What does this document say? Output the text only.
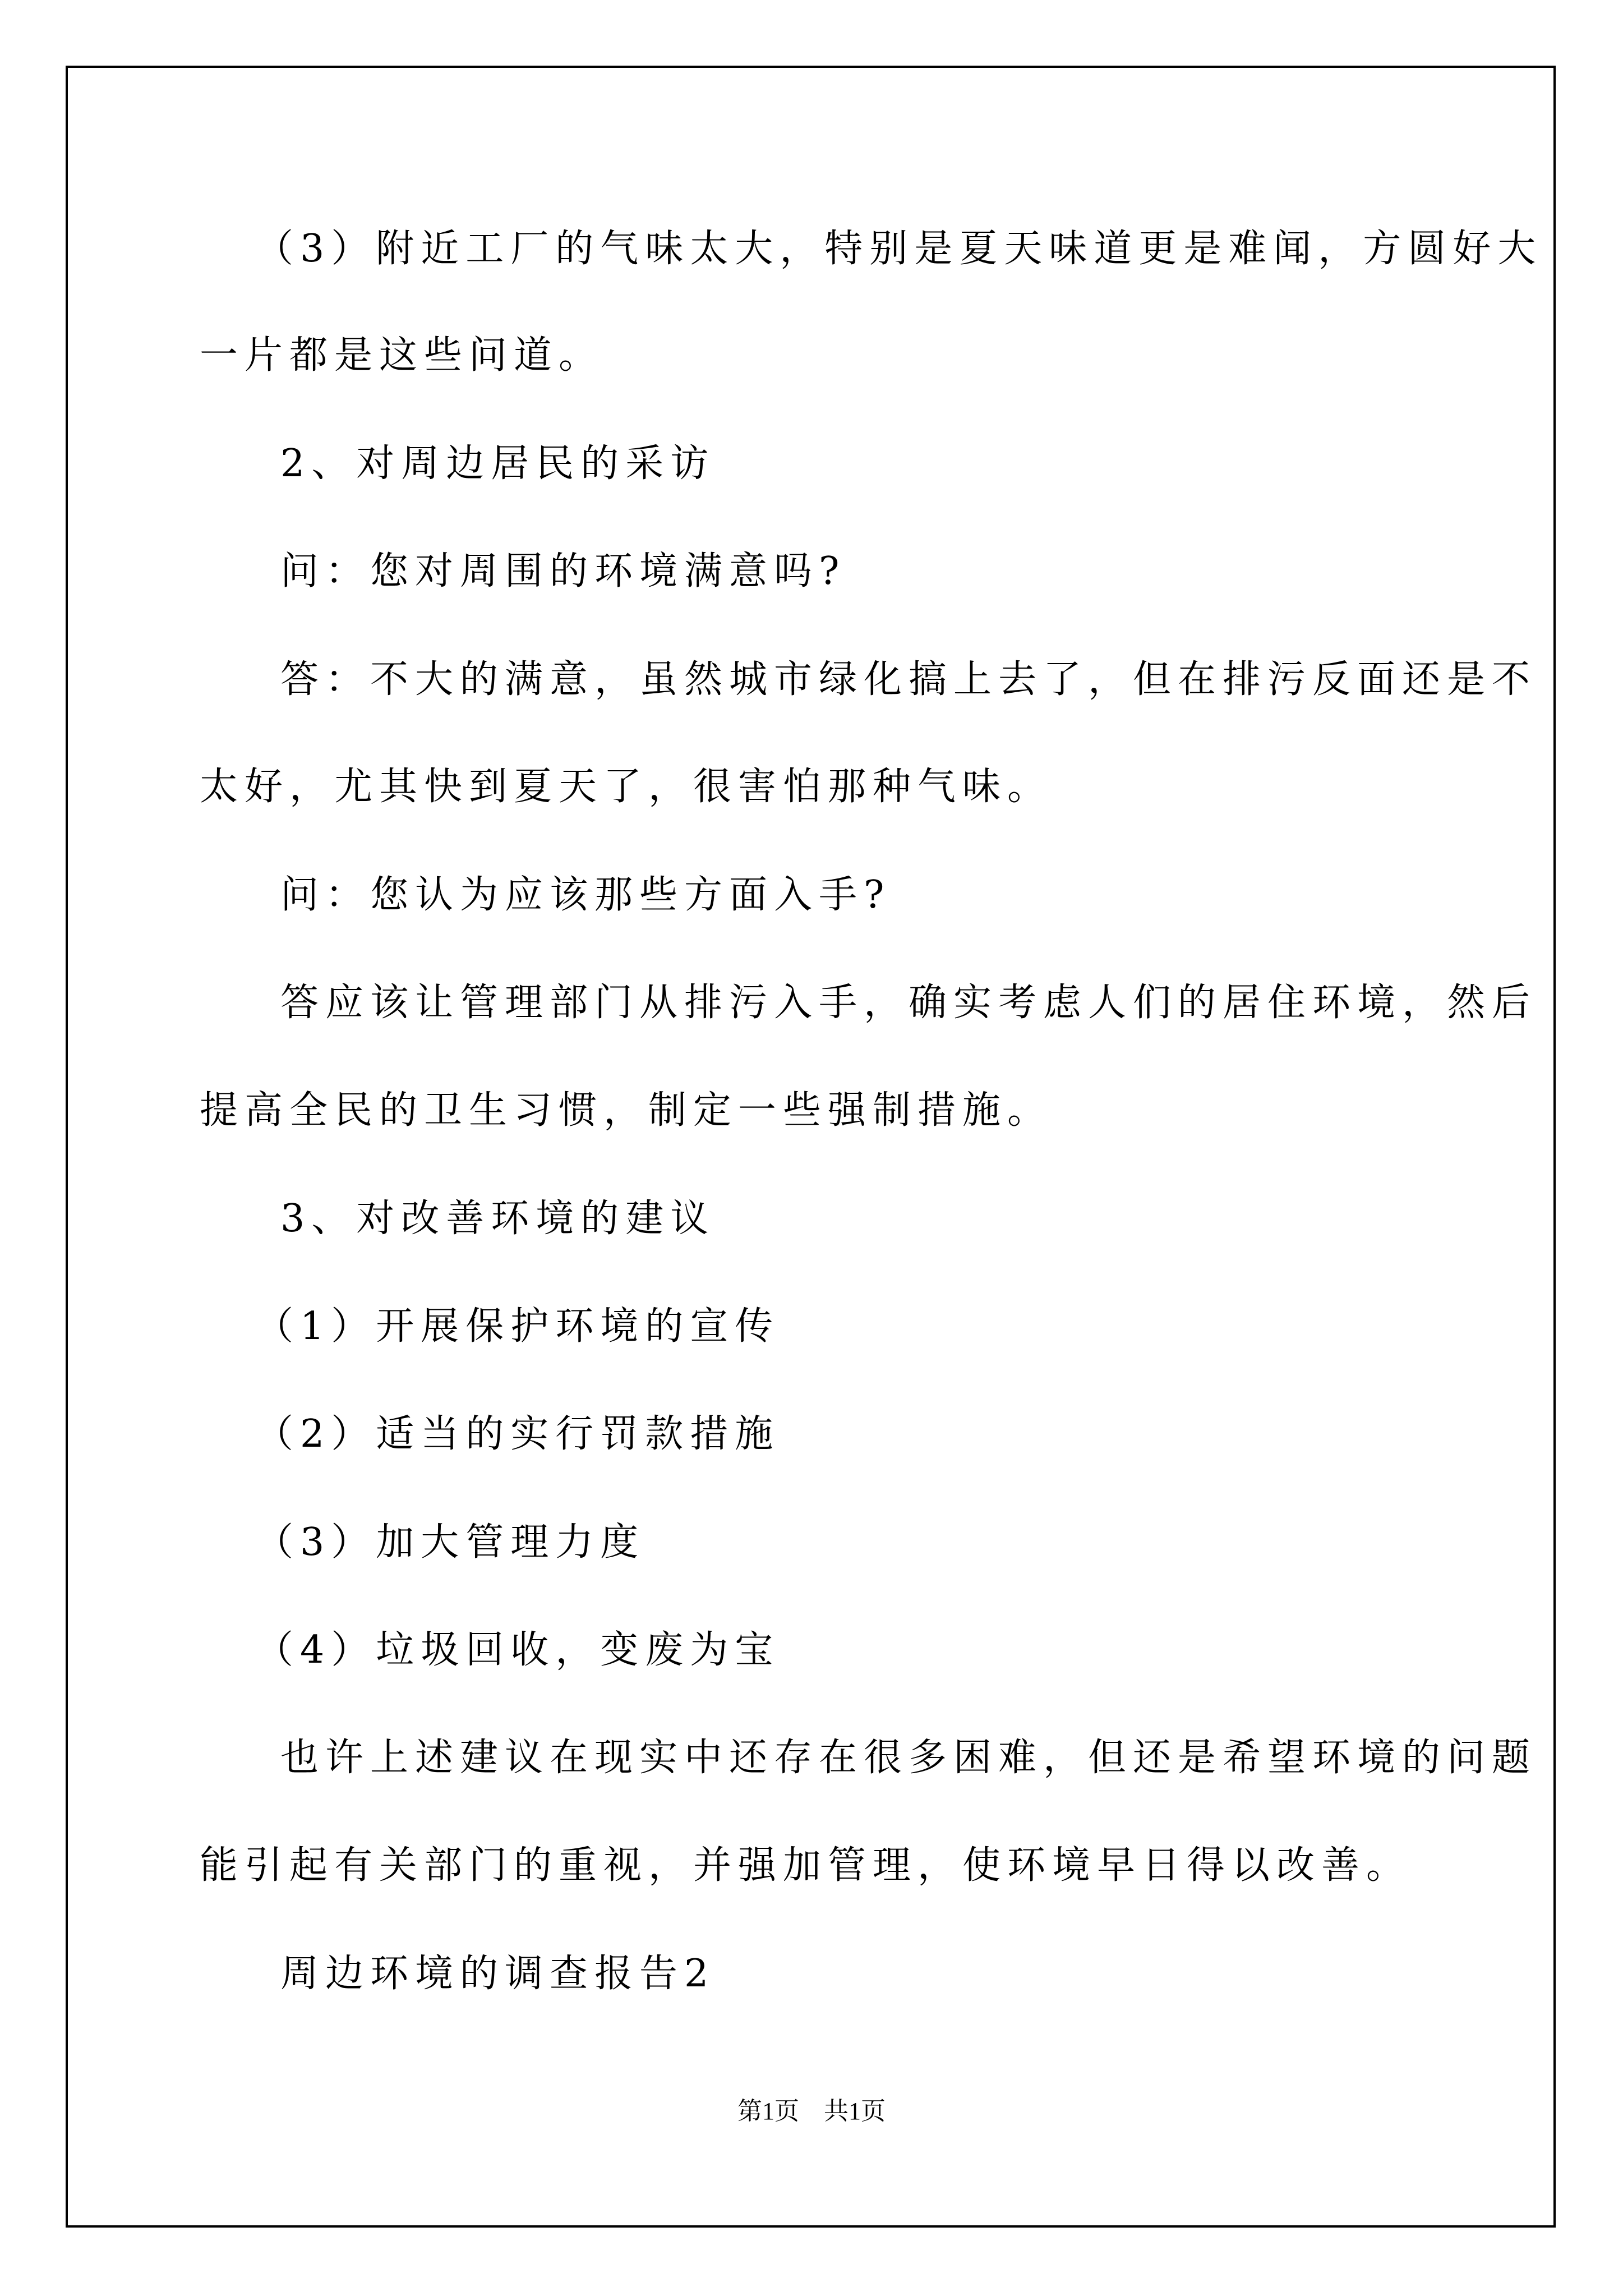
（3）附近工厂的气味太大，特别是夏天味道更是难闻，方圆好大
一片都是这些问道。
2、对周边居民的采访
问：您对周围的环境满意吗?
答：不大的满意，虽然城市绿化搞上去了，但在排污反面还是不
太好，尤其快到夏天了，很害怕那种气味。
问：您认为应该那些方面入手?
答应该让管理部门从排污入手，确实考虑人们的居住环境，然后
提高全民的卫生习惯，制定一些强制措施。
3、对改善环境的建议
（1）开展保护环境的宣传
（2）适当的实行罚款措施
（3）加大管理力度
（4）垃圾回收，变废为宝
也许上述建议在现实中还存在很多困难，但还是希望环境的问题
能引起有关部门的重视，并强加管理，使环境早日得以改善。
周边环境的调查报告2
第1页　共1页
